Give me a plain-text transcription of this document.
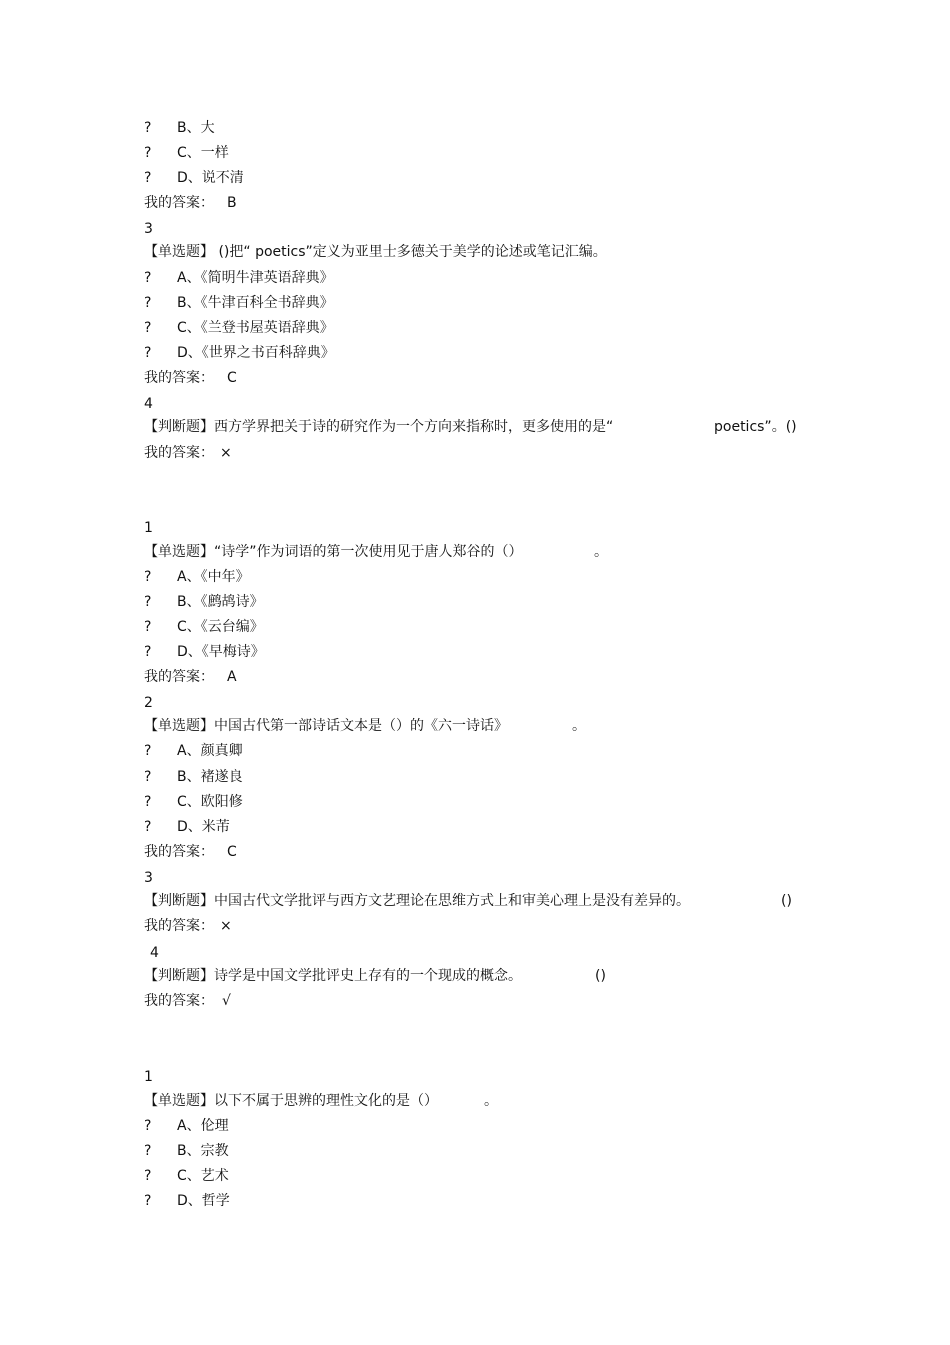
? B、大
? C、一样
? D、说不清
我的答案： B
3
【单选题】 ()把“ poetics”定义为亚里士多德关于美学的论述或笔记汇编。
? A、《简明牛津英语辞典》
? B、《牛津百科全书辞典》
? C、《兰登书屋英语辞典》
? D、《世界之书百科辞典》
我的答案： C
4
【判断题】西方学界把关于诗的研究作为一个方向来指称时，更多使用的是“	poetics”。()
我的答案： ×
1
【单选题】“诗学”作为词语的第一次使用见于唐人郑谷的（）	。
? A、《中年》
? B、《鹧鸪诗》
? C、《云台编》
? D、《早梅诗》
我的答案： A
2
【单选题】中国古代第一部诗话文本是（）的《六一诗话》	。
? A、颜真卿
? B、褚遂良
? C、欧阳修
? D、米芾
我的答案： C
3
【判断题】中国古代文学批评与西方文艺理论在思维方式上和审美心理上是没有差异的。	()
我的答案： ×
4
【判断题】诗学是中国文学批评史上存有的一个现成的概念。	()
我的答案： √
1
【单选题】以下不属于思辨的理性文化的是（）	。
? A、伦理
? B、宗教
? C、艺术
? D、哲学
